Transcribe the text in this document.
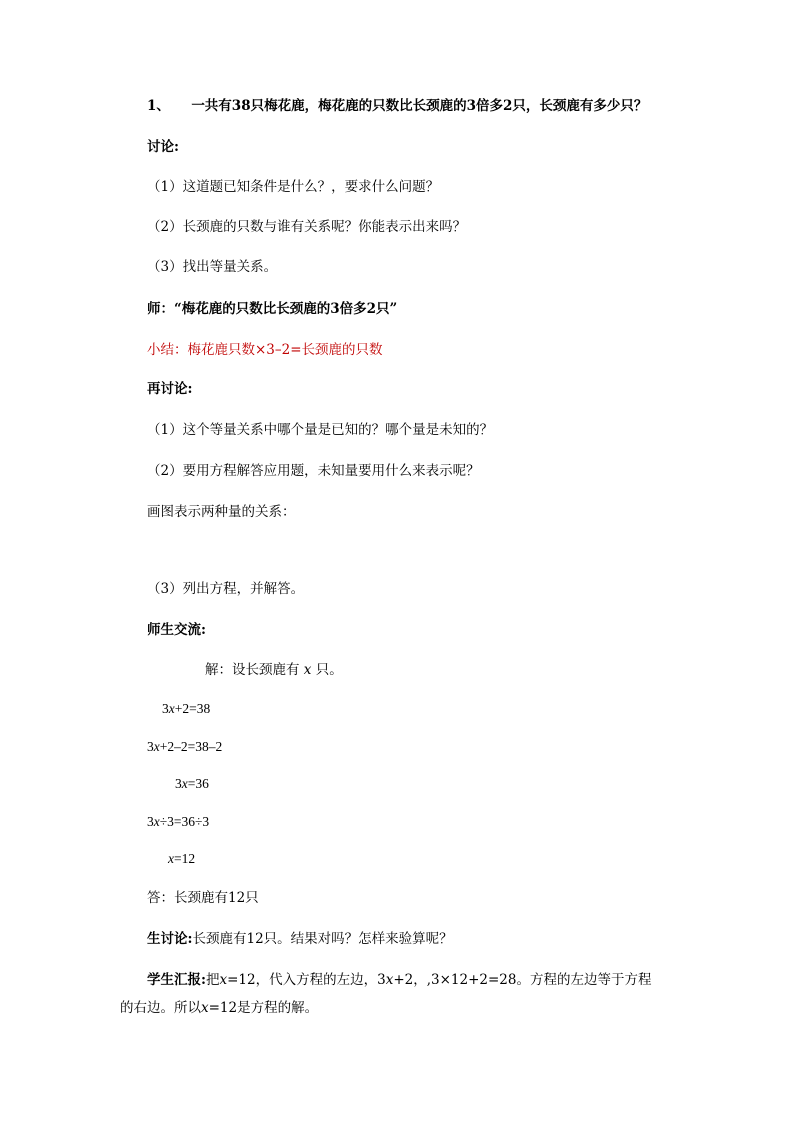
1、 一共有38只梅花鹿，梅花鹿的只数比长颈鹿的3倍多2只，长颈鹿有多少只？
讨论:
（1）这道题已知条件是什么？，要求什么问题？
（2）长颈鹿的只数与谁有关系呢？你能表示出来吗？
（3）找出等量关系。
师：“梅花鹿的只数比长颈鹿的3倍多2只”
小结：梅花鹿只数×3–2=长颈鹿的只数
再讨论:
（1）这个等量关系中哪个量是已知的？哪个量是未知的？
（2）要用方程解答应用题，未知量要用什么来表示呢？
画图表示两种量的关系：
（3）列出方程，并解答。
师生交流:
解：设长颈鹿有 x 只。
3x+2=38
3x+2–2=38–2
3x=36
3x÷3=36÷3
x=12
答：长颈鹿有12只
生讨论:长颈鹿有12只。结果对吗？怎样来验算呢？
学生汇报:把x=12，代入方程的左边，3x+2，,3×12+2=28。方程的左边等于方程的右边。所以x=12是方程的解。
